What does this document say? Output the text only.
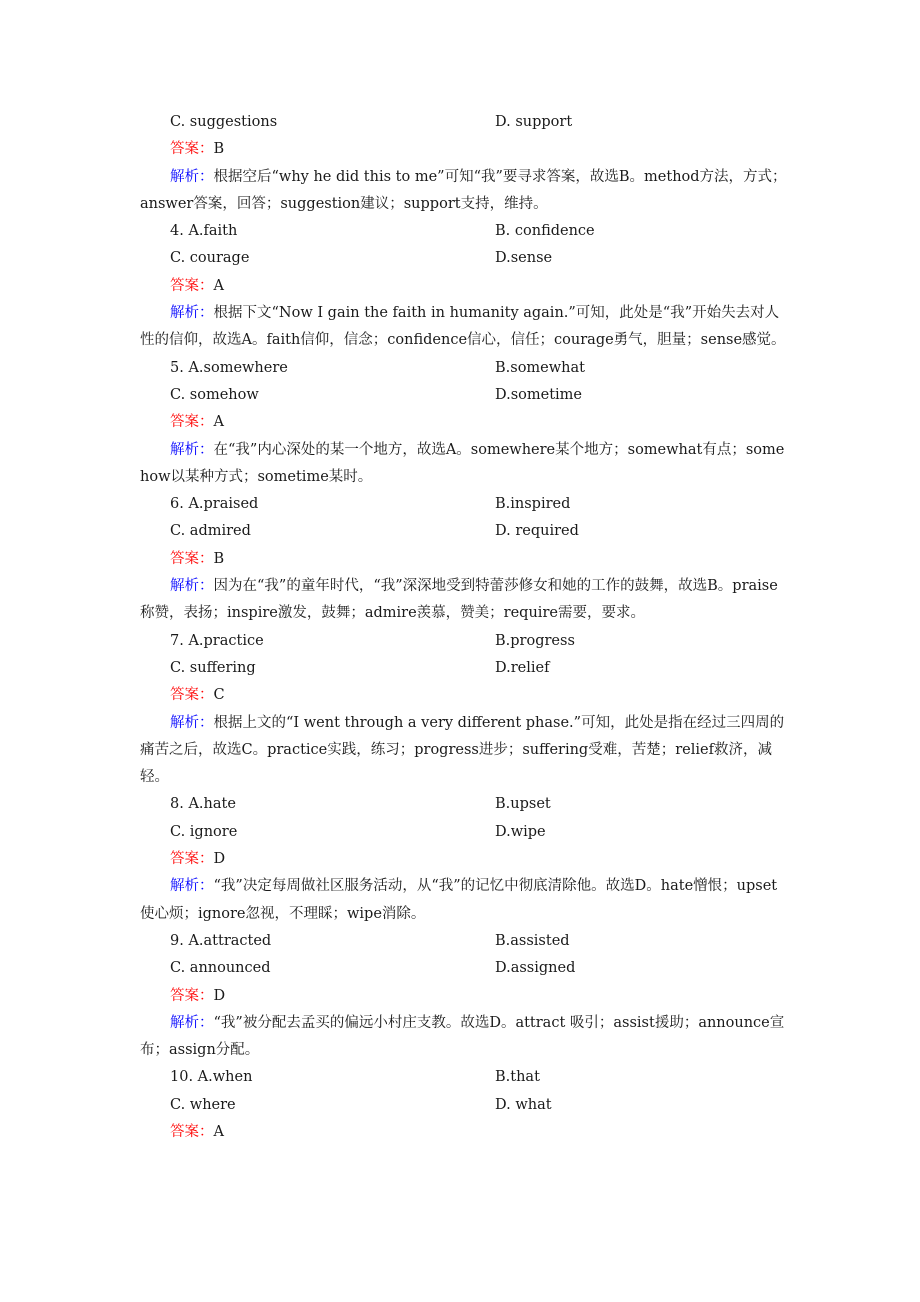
C. suggestions	D. support
答案：B
解析：根据空后“why he did this to me”可知“我”要寻求答案，故选B。method方法，方式；answer答案，回答；suggestion建议；support支持，维持。
4. A.faith	B. confidence
C. courage	D.sense
答案：A
解析：根据下文“Now I gain the faith in humanity again.”可知，此处是“我”开始失去对人性的信仰，故选A。faith信仰，信念；confidence信心，信任；courage勇气，胆量；sense感觉。
5. A.somewhere	B.somewhat
C. somehow	D.sometime
答案：A
解析：在“我”内心深处的某一个地方，故选A。somewhere某个地方；somewhat有点；somehow以某种方式；sometime某时。
6. A.praised	B.inspired
C. admired	D. required
答案：B
解析：因为在“我”的童年时代，“我”深深地受到特蕾莎修女和她的工作的鼓舞，故选B。praise称赞，表扬；inspire激发，鼓舞；admire羡慕，赞美；require需要，要求。
7. A.practice	B.progress
C. suffering	D.relief
答案：C
解析：根据上文的“I went through a very different phase.”可知，此处是指在经过三四周的痛苦之后，故选C。practice实践，练习；progress进步；suffering受难，苦楚；relief救济，减轻。
8. A.hate	B.upset
C. ignore	D.wipe
答案：D
解析：“我”决定每周做社区服务活动，从“我”的记忆中彻底清除他。故选D。hate憎恨；upset使心烦；ignore忽视，不理睬；wipe消除。
9. A.attracted	B.assisted
C. announced	D.assigned
答案：D
解析：“我”被分配去孟买的偏远小村庄支教。故选D。attract 吸引；assist援助；announce宣布；assign分配。
10. A.when	B.that
C. where	D. what
答案：A
